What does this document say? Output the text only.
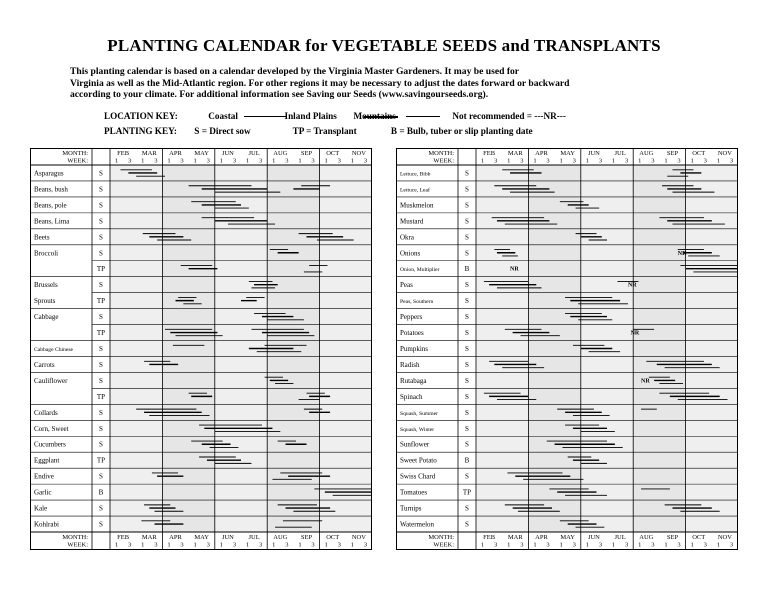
PLANTING CALENDAR for VEGETABLE SEEDS and TRANSPLANTS
This planting calendar is based on a calendar developed by the Virginia Master Gardeners. It may be used for
Virginia as well as the Mid-Atlantic region. For other regions it may be necessary to adjust the dates forward or backward
according to your climate. For additional information see Saving our Seeds (www.savingourseeds.org).
LOCATION KEY:	Coastal	Inland Plains Mountains	Not recommended = ---NR---
PLANTING KEY: S = Direct sow	TP = Transplant	B = Bulb, tuber or slip planting date
MONTH:
WEEK:
FEB MAR APR MAY JUN JUL AUG SEP OCT NOV
1 3 1 3 1 3 1 3 1 3 1 3 1 3 1 3 1 3 1 3
MONTH:
WEEK:
FEB MAR APR MAY JUN JUL AUG SEP OCT NOV
1 3 1 3 1 3 1 3 1 3 1 3 1 3 1 3 1 3 1 3
Asparagus	S
Beans, bush	S
Beans, pole	S
Beans, Lima	S
Beets	S
Broccoli	S
TP
Brussels	S
Sprouts	TP
Cabbage	S
TP
Cabbage Chinese	S
Carrots	S
Cauliflower	S
TP
Collards	S
Corn, Sweet	S
Cucumbers	S
Eggplant	TP
Endive	S
Garlic	B
Kale	S
Kohlrabi	S
MONTH:
WEEK:
FEB MAR APR MAY JUN JUL AUG SEP OCT NOV
1 3 1 3 1 3 1 3 1 3 1 3 1 3 1 3 1 3 1 3
MONTH:
WEEK:
FEB MAR APR MAY JUN JUL AUG SEP OCT NOV
1 3 1 3 1 3 1 3 1 3 1 3 1 3 1 3 1 3 1 3
Lettuce, Bibb	S
Lettuce, Leaf	S
Muskmelon	S
Mustard	S
Okra	S
Onions	S	NR
Onion, Multiplier	B	NR
Peas	S	NR
Peas, Southern	S
Peppers	S
Potatoes	S	NR
Pumpkins	S
Radish	S
Rutabaga	S	NR
Spinach	S
Squash, Summer	S
Squash, Winter	S
Sunflower	S
Sweet Potato	B
Swiss Chard	S
Tomatoes	TP
Turnips	S
Watermelon	S
